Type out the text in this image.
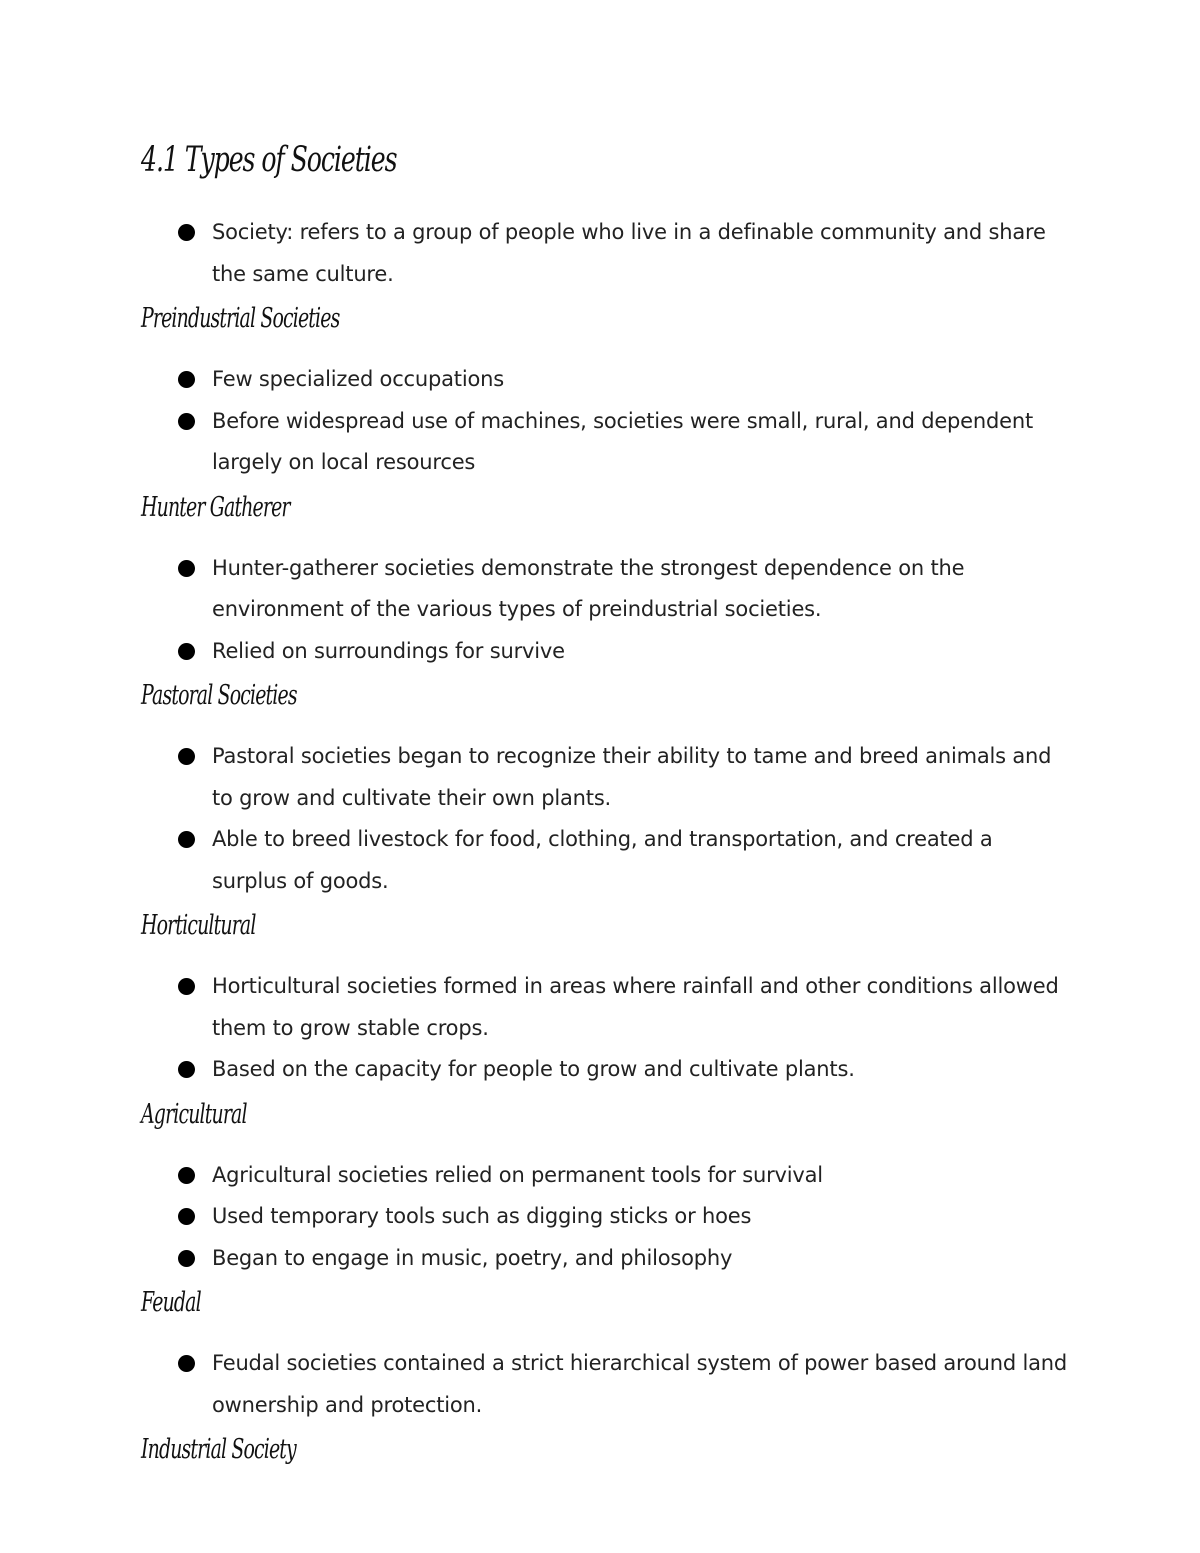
4.1 Types of Societies
Society: refers to a group of people who live in a definable community and share the same culture.
Preindustrial Societies
Few specialized occupations
Before widespread use of machines, societies were small, rural, and dependent largely on local resources
Hunter Gatherer
Hunter-gatherer societies demonstrate the strongest dependence on the environment of the various types of preindustrial societies.
Relied on surroundings for survive
Pastoral Societies
Pastoral societies began to recognize their ability to tame and breed animals and to grow and cultivate their own plants.
Able to breed livestock for food, clothing, and transportation, and created a surplus of goods.
Horticultural
Horticultural societies formed in areas where rainfall and other conditions allowed them to grow stable crops.
Based on the capacity for people to grow and cultivate plants.
Agricultural
Agricultural societies relied on permanent tools for survival
Used temporary tools such as digging sticks or hoes
Began to engage in music, poetry, and philosophy
Feudal
Feudal societies contained a strict hierarchical system of power based around land ownership and protection.
Industrial Society
